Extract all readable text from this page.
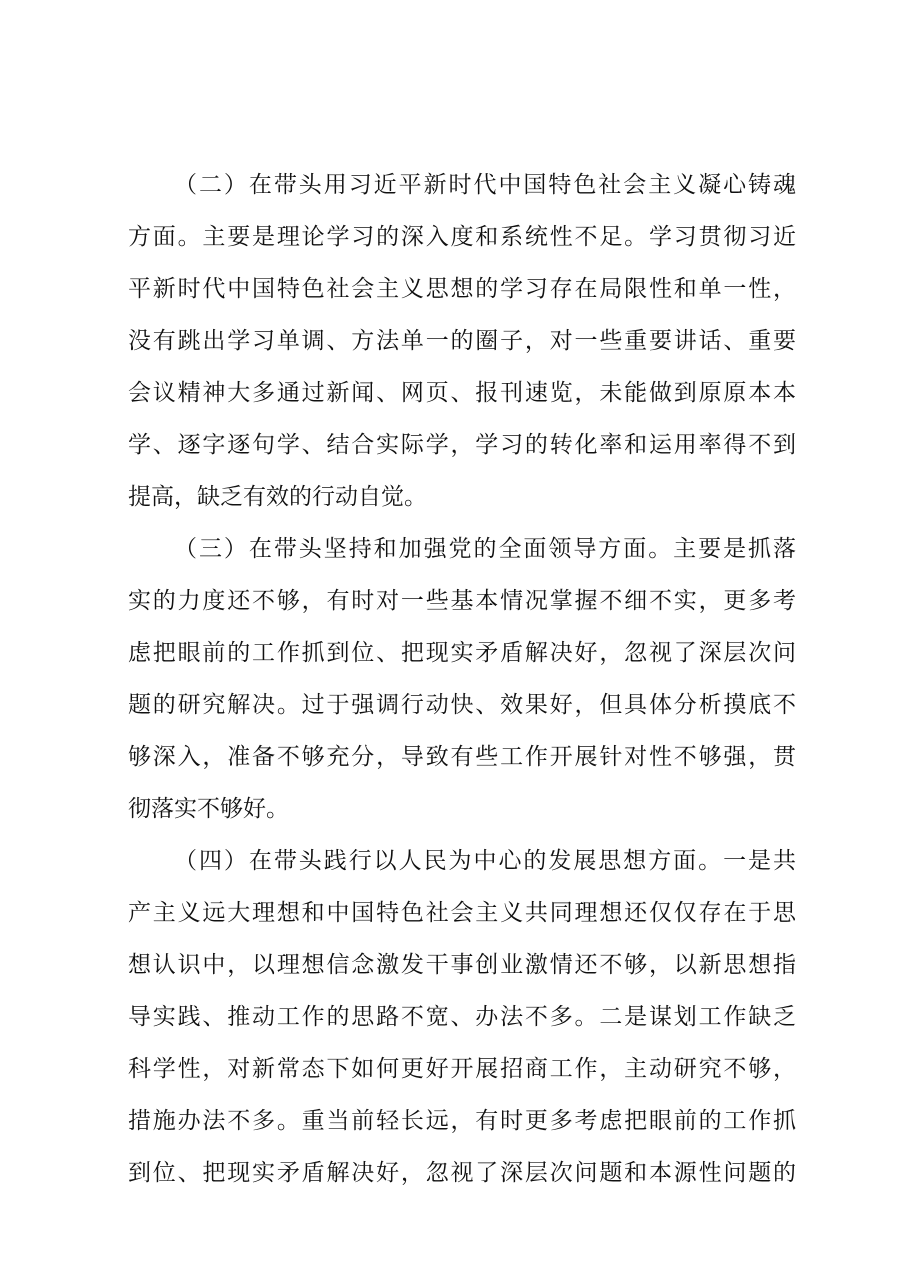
（二）在带头用习近平新时代中国特色社会主义凝心铸魂
方面。主要是理论学习的深入度和系统性不足。学习贯彻习近
平新时代中国特色社会主义思想的学习存在局限性和单一性，
没有跳出学习单调、方法单一的圈子，对一些重要讲话、重要
会议精神大多通过新闻、网页、报刊速览，未能做到原原本本
学、逐字逐句学、结合实际学，学习的转化率和运用率得不到
提高，缺乏有效的行动自觉。
（三）在带头坚持和加强党的全面领导方面。主要是抓落
实的力度还不够，有时对一些基本情况掌握不细不实，更多考
虑把眼前的工作抓到位、把现实矛盾解决好，忽视了深层次问
题的研究解决。过于强调行动快、效果好，但具体分析摸底不
够深入，准备不够充分，导致有些工作开展针对性不够强，贯
彻落实不够好。
（四）在带头践行以人民为中心的发展思想方面。一是共
产主义远大理想和中国特色社会主义共同理想还仅仅存在于思
想认识中，以理想信念激发干事创业激情还不够，以新思想指
导实践、推动工作的思路不宽、办法不多。二是谋划工作缺乏
科学性，对新常态下如何更好开展招商工作，主动研究不够，
措施办法不多。重当前轻长远，有时更多考虑把眼前的工作抓
到位、把现实矛盾解决好，忽视了深层次问题和本源性问题的
